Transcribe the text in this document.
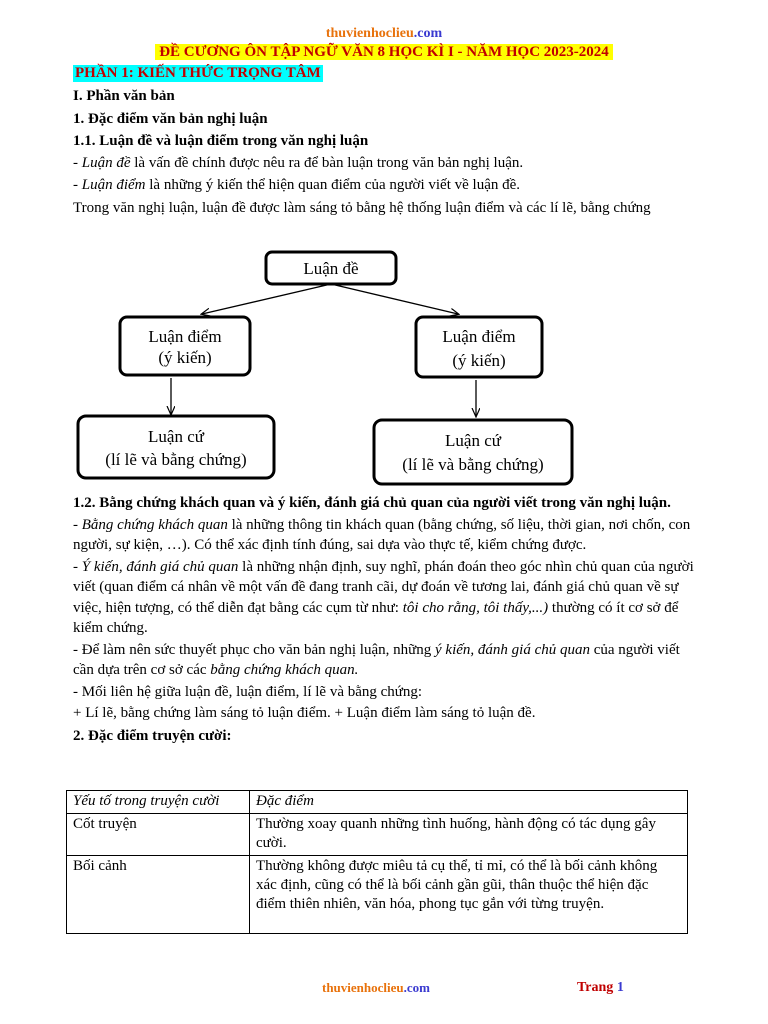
thuvienhoclieu.com
ĐỀ CƯƠNG ÔN TẬP NGỮ VĂN 8 HỌC KÌ I - NĂM HỌC 2023-2024
PHẦN 1: KIẾN THỨC TRỌNG TÂM

I. Phần văn bản

1. Đặc điểm văn bản nghị luận

1.1. Luận đề và luận điểm trong văn nghị luận

- Luận đề là vấn đề chính được nêu ra để bàn luận trong văn bản nghị luận.

- Luận điểm là những ý kiến thể hiện quan điểm của người viết về luận đề.

Trong văn nghị luận, luận đề được làm sáng tỏ bằng hệ thống luận điểm và các lí lẽ, bằng chứng

Luận đề
Luận điểm
(ý kiến)
Luận điểm
(ý kiến)
Luận cứ
(lí lẽ và bằng chứng)
Luận cứ
(lí lẽ và bằng chứng)

1.2. Bằng chứng khách quan và ý kiến, đánh giá chủ quan của người viết trong văn nghị luận.

- Bằng chứng khách quan là những thông tin khách quan (bằng chứng, số liệu, thời gian, nơi chốn, con người, sự kiện, …). Có thể xác định tính đúng, sai dựa vào thực tế, kiểm chứng được.

- Ý kiến, đánh giá chủ quan là những nhận định, suy nghĩ, phán đoán theo góc nhìn chủ quan của người viết (quan điểm cá nhân về một vấn đề đang tranh cãi, dự đoán về tương lai, đánh giá chủ quan về sự việc, hiện tượng, có thể diễn đạt bằng các cụm từ như: tôi cho rằng, tôi thấy,...) thường có ít cơ sở để kiểm chứng.

- Để làm nên sức thuyết phục cho văn bản nghị luận, những ý kiến, đánh giá chủ quan của người viết cần dựa trên cơ sở các bằng chứng khách quan.

- Mối liên hệ giữa luận đề, luận điểm, lí lẽ và bằng chứng:

+ Lí lẽ, bằng chứng làm sáng tỏ luận điểm. + Luận điểm làm sáng tỏ luận đề.

2. Đặc điểm truyện cười:

Yếu tố trong truyện cười	Đặc điểm
Cốt truyện	Thường xoay quanh những tình huống, hành động có tác dụng gây cười.
Bối cảnh	Thường không được miêu tả cụ thể, tỉ mỉ, có thể là bối cảnh không xác định, cũng có thể là bối cảnh gần gũi, thân thuộc thể hiện đặc điểm thiên nhiên, văn hóa, phong tục gắn với từng truyện.
thuvienhoclieu.com	Trang 1
